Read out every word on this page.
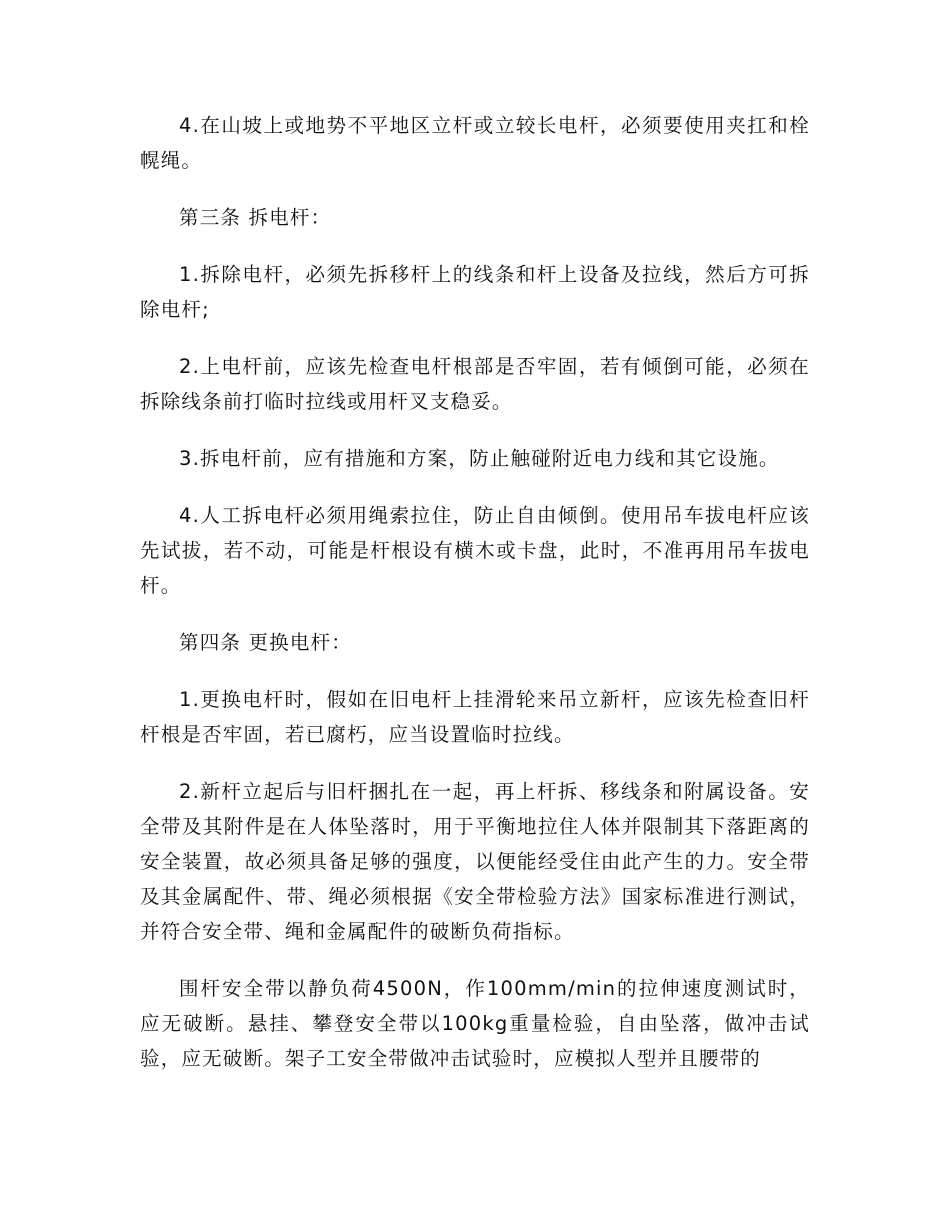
4.在山坡上或地势不平地区立杆或立较长电杆，必须要使用夹扛和栓幌绳。

第三条 拆电杆：

1.拆除电杆，必须先拆移杆上的线条和杆上设备及拉线，然后方可拆除电杆;

2.上电杆前，应该先检查电杆根部是否牢固，若有倾倒可能，必须在拆除线条前打临时拉线或用杆叉支稳妥。

3.拆电杆前，应有措施和方案，防止触碰附近电力线和其它设施。

4.人工拆电杆必须用绳索拉住，防止自由倾倒。使用吊车拔电杆应该先试拔，若不动，可能是杆根设有横木或卡盘，此时，不准再用吊车拔电杆。

第四条 更换电杆：

1.更换电杆时，假如在旧电杆上挂滑轮来吊立新杆，应该先检查旧杆杆根是否牢固，若已腐朽，应当设置临时拉线。

2.新杆立起后与旧杆捆扎在一起，再上杆拆、移线条和附属设备。安全带及其附件是在人体坠落时，用于平衡地拉住人体并限制其下落距离的安全装置，故必须具备足够的强度，以便能经受住由此产生的力。安全带及其金属配件、带、绳必须根据《安全带检验方法》国家标准进行测试，并符合安全带、绳和金属配件的破断负荷指标。

围杆安全带以静负荷4500N，作100mm/min的拉伸速度测试时，应无破断。悬挂、攀登安全带以100kg重量检验，自由坠落，做冲击试验，应无破断。架子工安全带做冲击试验时，应模拟人型并且腰带的
